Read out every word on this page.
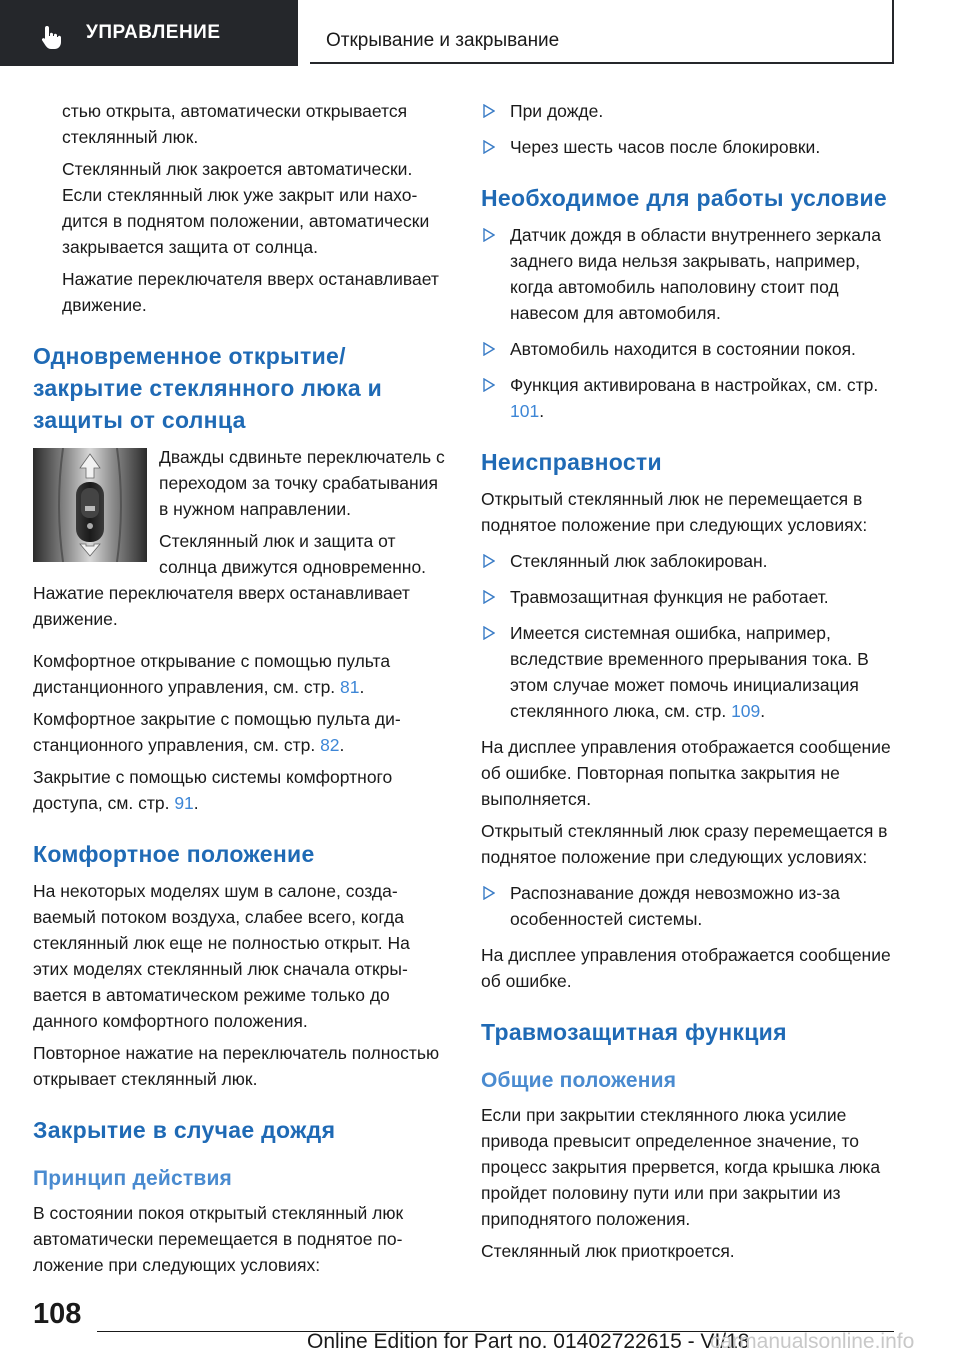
УПРАВЛЕНИЕ	Открывание и закрывание

стью открыта, автоматически открывается стеклянный люк.

Стеклянный люк закроется автоматически. Если стеклянный люк уже закрыт или находится в поднятом положении, автоматически закрывается защита от солнца.

Нажатие переключателя вверх останавливает движение.

Одновременное открытие/закрытие стеклянного люка и защиты от солнца

Дважды сдвиньте переключатель с переходом за точку срабатывания в нужном направлении.

Стеклянный люк и защита от солнца движутся одновременно. Нажатие переключателя вверх останавливает движение.

Комфортное открывание с помощью пульта дистанционного управления, см. стр. 81.

Комфортное закрытие с помощью пульта дистанционного управления, см. стр. 82.

Закрытие с помощью системы комфортного доступа, см. стр. 91.

Комфортное положение

На некоторых моделях шум в салоне, создаваемый потоком воздуха, слабее всего, когда стеклянный люк еще не полностью открыт. На этих моделях стеклянный люк сначала открывается в автоматическом режиме только до данного комфортного положения.

Повторное нажатие на переключатель полностью открывает стеклянный люк.

Закрытие в случае дождя
Принцип действия

В состоянии покоя открытый стеклянный люк автоматически перемещается в поднятое положение при следующих условиях:

При дожде.
Через шесть часов после блокировки.
Необходимое для работы условие
Датчик дождя в области внутреннего зеркала заднего вида нельзя закрывать, например, когда автомобиль наполовину стоит под навесом для автомобиля.
Автомобиль находится в состоянии покоя.
Функция активирована в настройках, см. стр. 101.
Неисправности

Открытый стеклянный люк не перемещается в поднятое положение при следующих условиях:

Стеклянный люк заблокирован.
Травмозащитная функция не работает.
Имеется системная ошибка, например, вследствие временного прерывания тока. В этом случае может помочь инициализация стеклянного люка, см. стр. 109.

На дисплее управления отображается сообщение об ошибке. Повторная попытка закрытия не выполняется.

Открытый стеклянный люк сразу перемещается в поднятое положение при следующих условиях:

Распознавание дождя невозможно из-за особенностей системы.

На дисплее управления отображается сообщение об ошибке.

Травмозащитная функция
Общие положения

Если при закрытии стеклянного люка усилие привода превысит определенное значение, то процесс закрытия прервется, когда крышка люка пройдет половину пути или при закрытии из приподнятого положения.

Стеклянный люк приоткроется.

108
Online Edition for Part no. 01402722615 - VI/18
carmanualsonline.info
